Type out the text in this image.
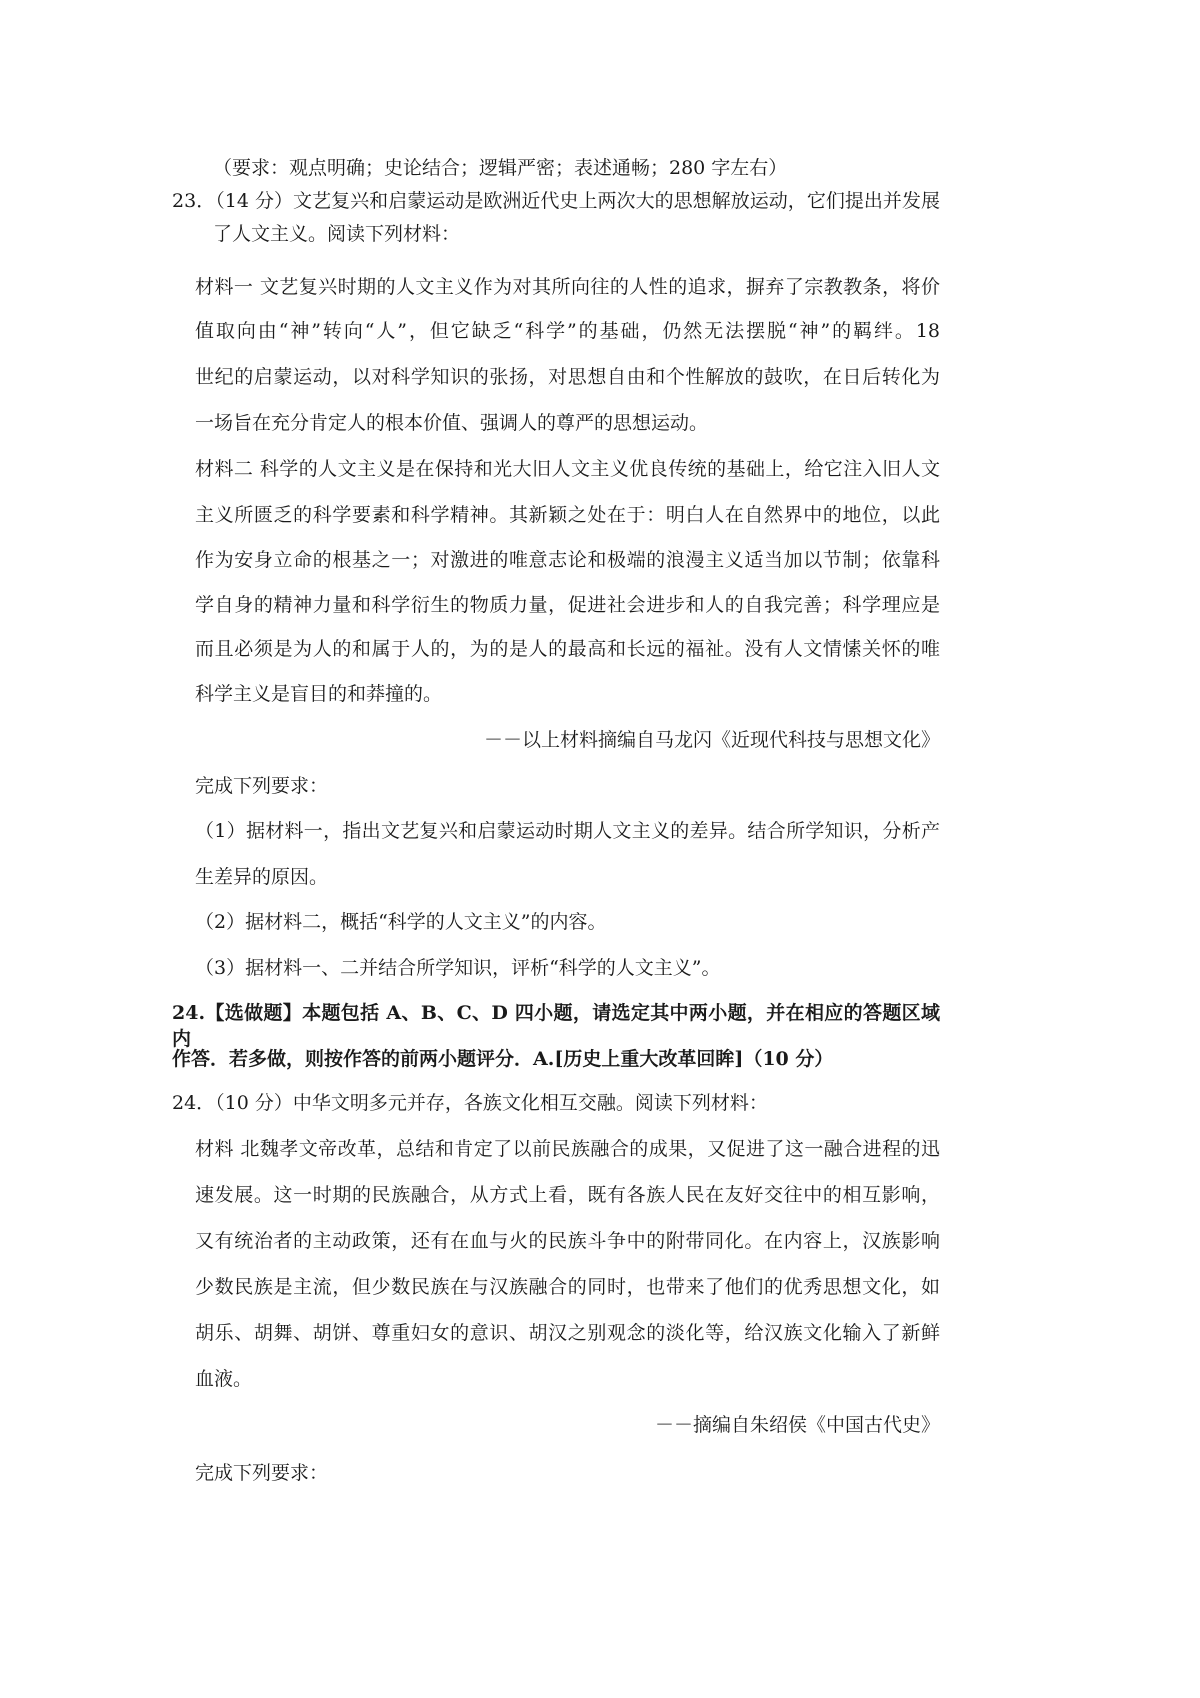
（要求：观点明确；史论结合；逻辑严密；表述通畅；280 字左右）
23．（14 分）文艺复兴和启蒙运动是欧洲近代史上两次大的思想解放运动，它们提出并发展
了人文主义。阅读下列材料：
材料一 文艺复兴时期的人文主义作为对其所向往的人性的追求，摒弃了宗教教条，将价
值取向由“神”转向“人”，但它缺乏“科学”的基础，仍然无法摆脱“神”的羁绊。18
世纪的启蒙运动，以对科学知识的张扬，对思想自由和个性解放的鼓吹，在日后转化为
一场旨在充分肯定人的根本价值、强调人的尊严的思想运动。
材料二 科学的人文主义是在保持和光大旧人文主义优良传统的基础上，给它注入旧人文
主义所匮乏的科学要素和科学精神。其新颖之处在于：明白人在自然界中的地位，以此
作为安身立命的根基之一；对激进的唯意志论和极端的浪漫主义适当加以节制；依靠科
学自身的精神力量和科学衍生的物质力量，促进社会进步和人的自我完善；科学理应是
而且必须是为人的和属于人的，为的是人的最高和长远的福祉。没有人文情愫关怀的唯
科学主义是盲目的和莽撞的。
－－以上材料摘编自马龙闪《近现代科技与思想文化》
完成下列要求：
（1）据材料一，指出文艺复兴和启蒙运动时期人文主义的差异。结合所学知识，分析产
生差异的原因。
（2）据材料二，概括“科学的人文主义”的内容。
（3）据材料一、二并结合所学知识，评析“科学的人文主义”。
24.【选做题】本题包括 A、B、C、D 四小题，请选定其中两小题，并在相应的答题区域内
作答．若多做，则按作答的前两小题评分．A.[历史上重大改革回眸]（10 分）
24．（10 分）中华文明多元并存，各族文化相互交融。阅读下列材料：
材料 北魏孝文帝改革，总结和肯定了以前民族融合的成果，又促进了这一融合进程的迅
速发展。这一时期的民族融合，从方式上看，既有各族人民在友好交往中的相互影响，
又有统治者的主动政策，还有在血与火的民族斗争中的附带同化。在内容上，汉族影响
少数民族是主流，但少数民族在与汉族融合的同时，也带来了他们的优秀思想文化，如
胡乐、胡舞、胡饼、尊重妇女的意识、胡汉之别观念的淡化等，给汉族文化输入了新鲜
血液。
－－摘编自朱绍侯《中国古代史》
完成下列要求：
